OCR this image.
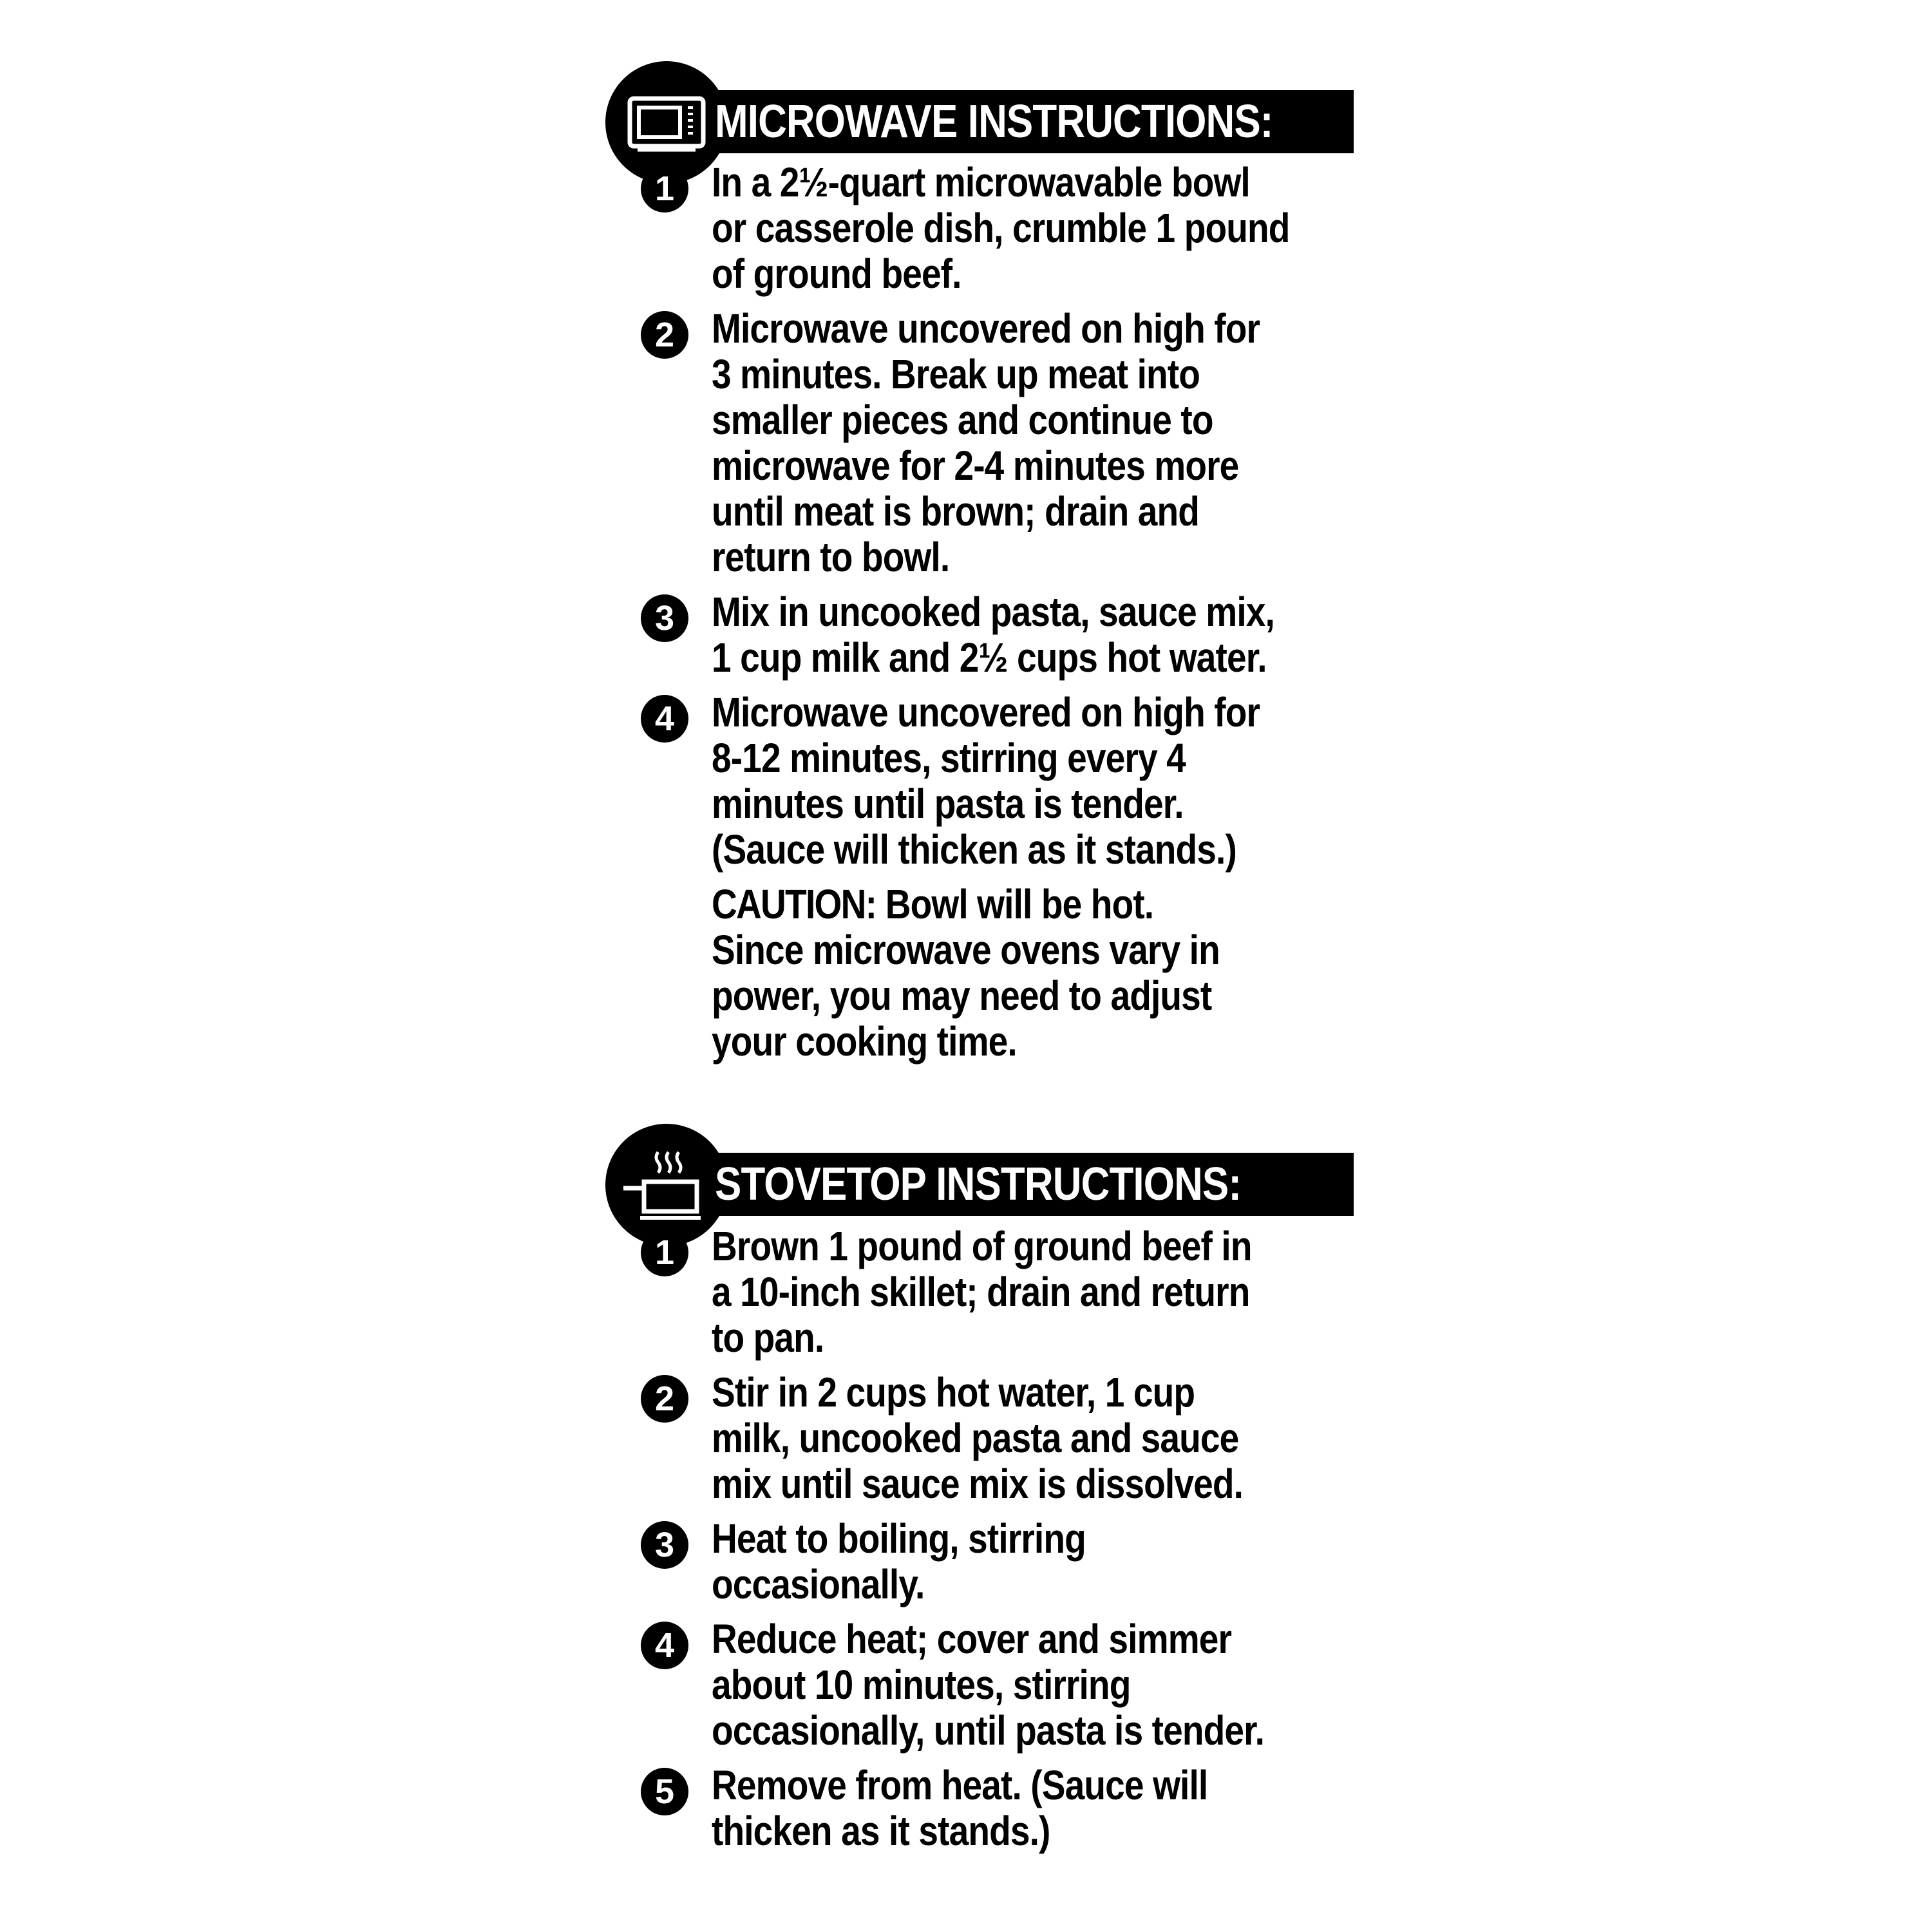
MICROWAVE INSTRUCTIONS:
1 In a 2½-quart microwavable bowl
or casserole dish, crumble 1 pound
of ground beef.
2 Microwave uncovered on high for
3 minutes. Break up meat into
smaller pieces and continue to
microwave for 2-4 minutes more
until meat is brown; drain and
return to bowl.
3 Mix in uncooked pasta, sauce mix,
1 cup milk and 2½ cups hot water.
4 Microwave uncovered on high for
8-12 minutes, stirring every 4
minutes until pasta is tender.
(Sauce will thicken as it stands.)
CAUTION: Bowl will be hot.
Since microwave ovens vary in
power, you may need to adjust
your cooking time.
STOVETOP INSTRUCTIONS:
1 Brown 1 pound of ground beef in
a 10-inch skillet; drain and return
to pan.
2 Stir in 2 cups hot water, 1 cup
milk, uncooked pasta and sauce
mix until sauce mix is dissolved.
3 Heat to boiling, stirring
occasionally.
4 Reduce heat; cover and simmer
about 10 minutes, stirring
occasionally, until pasta is tender.
5 Remove from heat. (Sauce will
thicken as it stands.)
